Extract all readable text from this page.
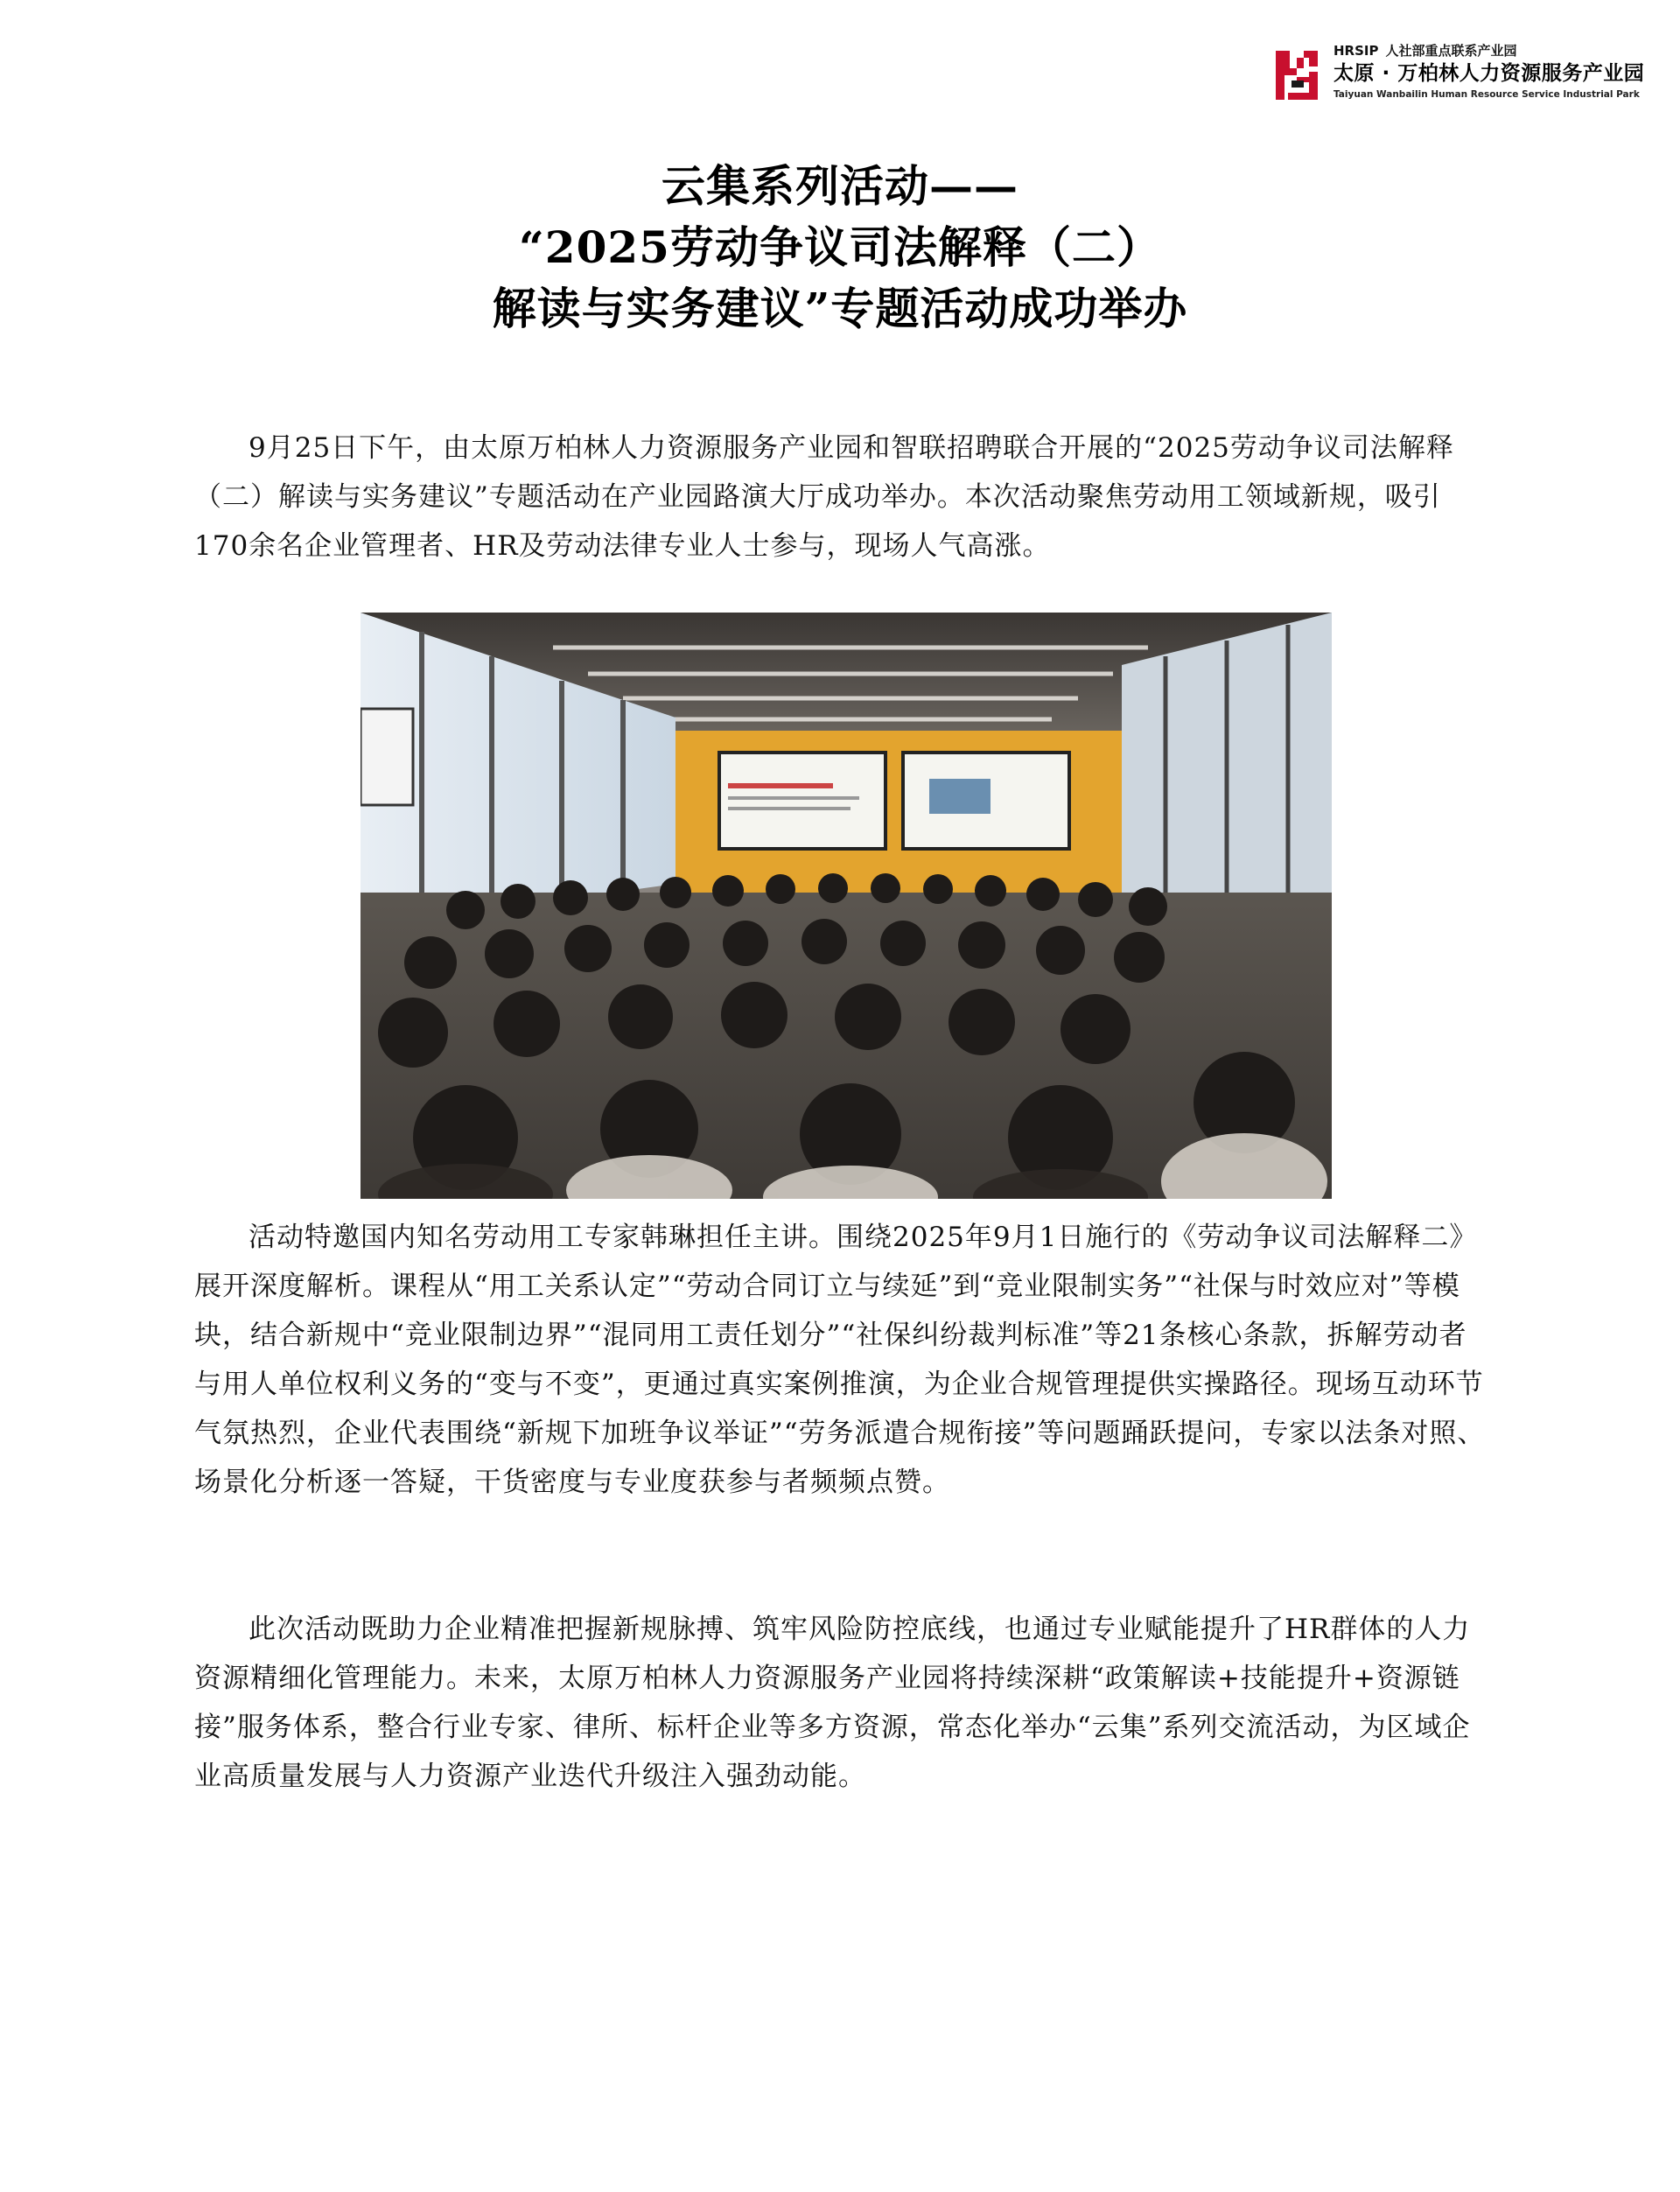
HRSIP 人社部重点联系产业园
太原 · 万柏林人力资源服务产业园
Taiyuan Wanbailin Human Resource Service Industrial Park
云集系列活动——
“2025劳动争议司法解释（二）
解读与实务建议”专题活动成功举办

9月25日下午，由太原万柏林人力资源服务产业园和智联招聘联合开展的“2025劳动争议司法解释（二）解读与实务建议”专题活动在产业园路演大厅成功举办。本次活动聚焦劳动用工领域新规，吸引170余名企业管理者、HR及劳动法律专业人士参与，现场人气高涨。

活动特邀国内知名劳动用工专家韩琳担任主讲。围绕2025年9月1日施行的《劳动争议司法解释二》展开深度解析。课程从“用工关系认定”“劳动合同订立与续延”到“竞业限制实务”“社保与时效应对”等模块，结合新规中“竞业限制边界”“混同用工责任划分”“社保纠纷裁判标准”等21条核心条款，拆解劳动者与用人单位权利义务的“变与不变”，更通过真实案例推演，为企业合规管理提供实操路径。现场互动环节气氛热烈，企业代表围绕“新规下加班争议举证”“劳务派遣合规衔接”等问题踊跃提问，专家以法条对照、场景化分析逐一答疑，干货密度与专业度获参与者频频点赞。

此次活动既助力企业精准把握新规脉搏、筑牢风险防控底线，也通过专业赋能提升了HR群体的人力资源精细化管理能力。未来，太原万柏林人力资源服务产业园将持续深耕“政策解读+技能提升+资源链接”服务体系，整合行业专家、律所、标杆企业等多方资源，常态化举办“云集”系列交流活动，为区域企业高质量发展与人力资源产业迭代升级注入强劲动能。
